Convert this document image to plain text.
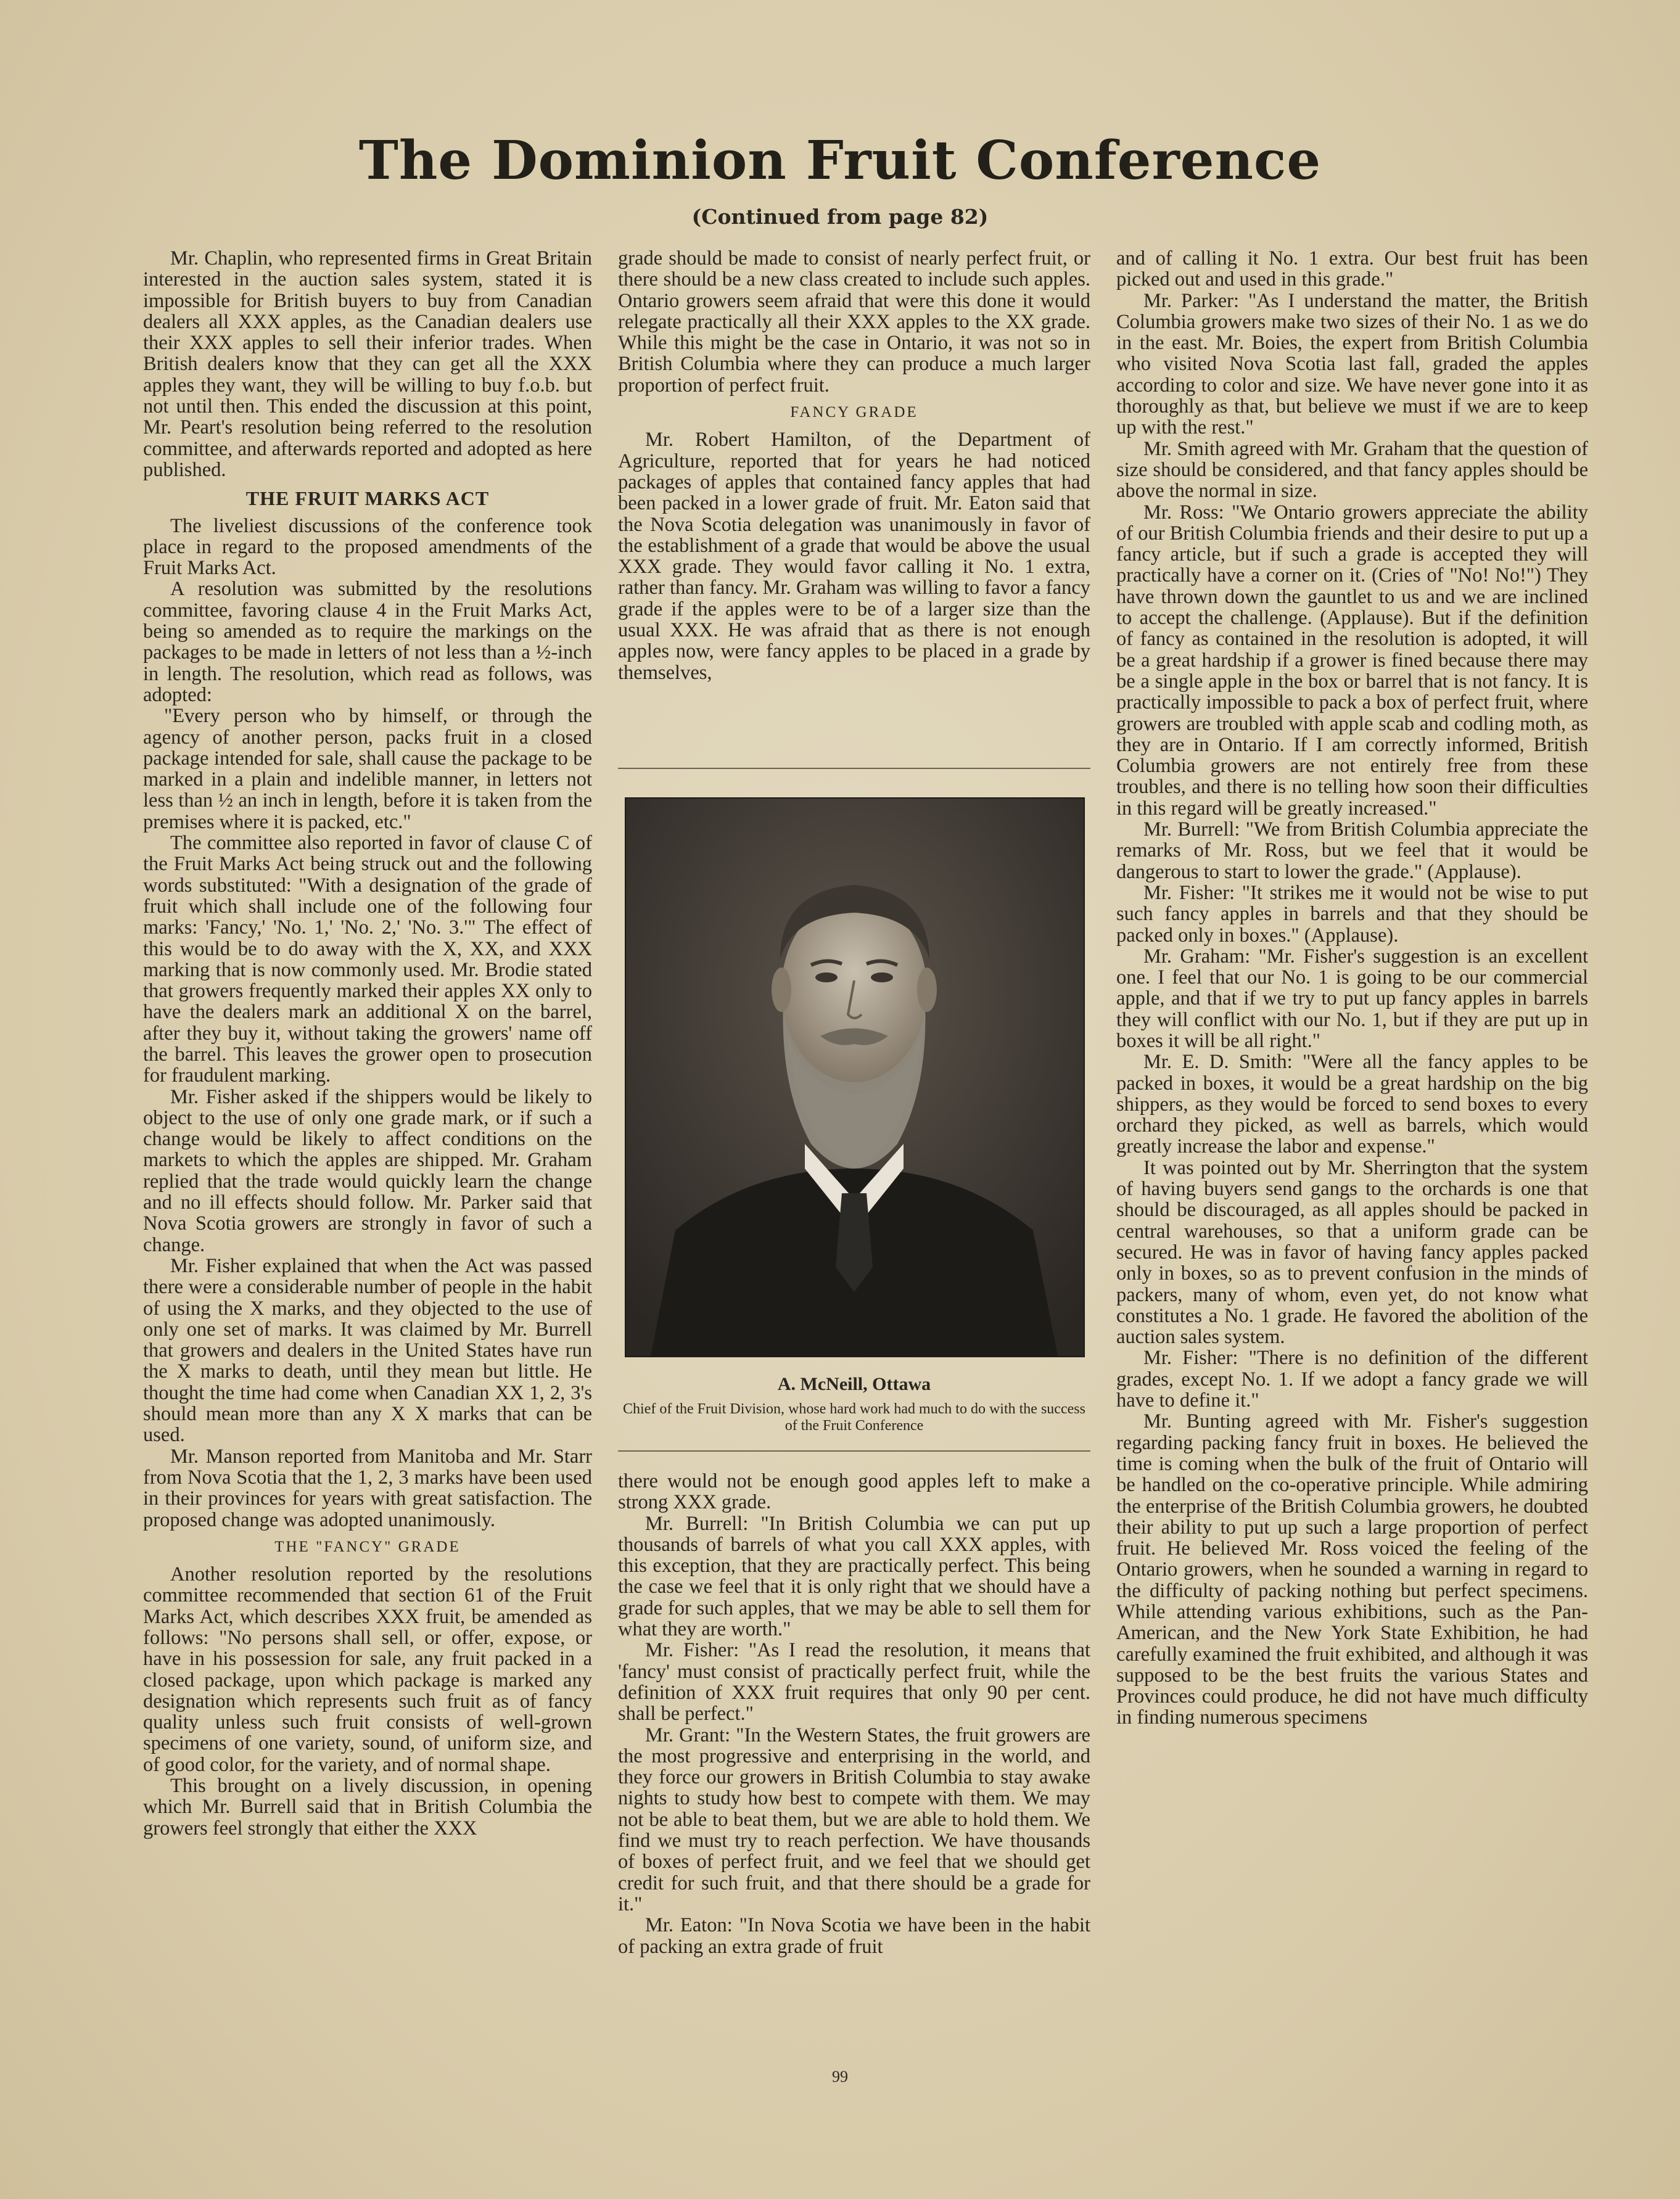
The Dominion Fruit Conference
(Continued from page 82)

Mr. Chaplin, who represented firms in Great Britain interested in the auction sales system, stated it is impossible for British buyers to buy from Canadian dealers all XXX apples, as the Canadian dealers use their XXX apples to sell their inferior trades. When British dealers know that they can get all the XXX apples they want, they will be willing to buy f.o.b. but not until then. This ended the discussion at this point, Mr. Peart's resolution being referred to the resolution committee, and afterwards reported and adopted as here published.

THE FRUIT MARKS ACT

The liveliest discussions of the conference took place in regard to the proposed amendments of the Fruit Marks Act.

A resolution was submitted by the resolutions committee, favoring clause 4 in the Fruit Marks Act, being so amended as to require the markings on the packages to be made in letters of not less than a ½-inch in length. The resolution, which read as follows, was adopted:

"Every person who by himself, or through the agency of another person, packs fruit in a closed package intended for sale, shall cause the package to be marked in a plain and indelible manner, in letters not less than ½ an inch in length, before it is taken from the premises where it is packed, etc."

The committee also reported in favor of clause C of the Fruit Marks Act being struck out and the following words substituted: "With a designation of the grade of fruit which shall include one of the following four marks: 'Fancy,' 'No. 1,' 'No. 2,' 'No. 3.'" The effect of this would be to do away with the X, XX, and XXX marking that is now commonly used. Mr. Brodie stated that growers frequently marked their apples XX only to have the dealers mark an additional X on the barrel, after they buy it, without taking the growers' name off the barrel. This leaves the grower open to prosecution for fraudulent marking.

Mr. Fisher asked if the shippers would be likely to object to the use of only one grade mark, or if such a change would be likely to affect conditions on the markets to which the apples are shipped. Mr. Graham replied that the trade would quickly learn the change and no ill effects should follow. Mr. Parker said that Nova Scotia growers are strongly in favor of such a change.

Mr. Fisher explained that when the Act was passed there were a considerable number of people in the habit of using the X marks, and they objected to the use of only one set of marks. It was claimed by Mr. Burrell that growers and dealers in the United States have run the X marks to death, until they mean but little. He thought the time had come when Canadian XX 1, 2, 3's should mean more than any X X marks that can be used.

Mr. Manson reported from Manitoba and Mr. Starr from Nova Scotia that the 1, 2, 3 marks have been used in their provinces for years with great satisfaction. The proposed change was adopted unanimously.

THE "FANCY" GRADE

Another resolution reported by the resolutions committee recommended that section 61 of the Fruit Marks Act, which describes XXX fruit, be amended as follows: "No persons shall sell, or offer, expose, or have in his possession for sale, any fruit packed in a closed package, upon which package is marked any designation which represents such fruit as of fancy quality unless such fruit consists of well-grown specimens of one variety, sound, of uniform size, and of good color, for the variety, and of normal shape.

This brought on a lively discussion, in opening which Mr. Burrell said that in British Columbia the growers feel strongly that either the XXX

grade should be made to consist of nearly perfect fruit, or there should be a new class created to include such apples. Ontario growers seem afraid that were this done it would relegate practically all their XXX apples to the XX grade. While this might be the case in Ontario, it was not so in British Columbia where they can produce a much larger proportion of perfect fruit.

FANCY GRADE

Mr. Robert Hamilton, of the Department of Agriculture, reported that for years he had noticed packages of apples that contained fancy apples that had been packed in a lower grade of fruit. Mr. Eaton said that the Nova Scotia delegation was unanimously in favor of the establishment of a grade that would be above the usual XXX grade. They would favor calling it No. 1 extra, rather than fancy. Mr. Graham was willing to favor a fancy grade if the apples were to be of a larger size than the usual XXX. He was afraid that as there is not enough apples now, were fancy apples to be placed in a grade by themselves,

A. McNeill, Ottawa
Chief of the Fruit Division, whose hard work had much to do with the success of the Fruit Conference

there would not be enough good apples left to make a strong XXX grade.

Mr. Burrell: "In British Columbia we can put up thousands of barrels of what you call XXX apples, with this exception, that they are practically perfect. This being the case we feel that it is only right that we should have a grade for such apples, that we may be able to sell them for what they are worth."

Mr. Fisher: "As I read the resolution, it means that 'fancy' must consist of practically perfect fruit, while the definition of XXX fruit requires that only 90 per cent. shall be perfect."

Mr. Grant: "In the Western States, the fruit growers are the most progressive and enterprising in the world, and they force our growers in British Columbia to stay awake nights to study how best to compete with them. We may not be able to beat them, but we are able to hold them. We find we must try to reach perfection. We have thousands of boxes of perfect fruit, and we feel that we should get credit for such fruit, and that there should be a grade for it."

Mr. Eaton: "In Nova Scotia we have been in the habit of packing an extra grade of fruit

and of calling it No. 1 extra. Our best fruit has been picked out and used in this grade."

Mr. Parker: "As I understand the matter, the British Columbia growers make two sizes of their No. 1 as we do in the east. Mr. Boies, the expert from British Columbia who visited Nova Scotia last fall, graded the apples according to color and size. We have never gone into it as thoroughly as that, but believe we must if we are to keep up with the rest."

Mr. Smith agreed with Mr. Graham that the question of size should be considered, and that fancy apples should be above the normal in size.

Mr. Ross: "We Ontario growers appreciate the ability of our British Columbia friends and their desire to put up a fancy article, but if such a grade is accepted they will practically have a corner on it. (Cries of "No! No!") They have thrown down the gauntlet to us and we are inclined to accept the challenge. (Applause). But if the definition of fancy as contained in the resolution is adopted, it will be a great hardship if a grower is fined because there may be a single apple in the box or barrel that is not fancy. It is practically impossible to pack a box of perfect fruit, where growers are troubled with apple scab and codling moth, as they are in Ontario. If I am correctly informed, British Columbia growers are not entirely free from these troubles, and there is no telling how soon their difficulties in this regard will be greatly increased."

Mr. Burrell: "We from British Columbia appreciate the remarks of Mr. Ross, but we feel that it would be dangerous to start to lower the grade." (Applause).

Mr. Fisher: "It strikes me it would not be wise to put such fancy apples in barrels and that they should be packed only in boxes." (Applause).

Mr. Graham: "Mr. Fisher's suggestion is an excellent one. I feel that our No. 1 is going to be our commercial apple, and that if we try to put up fancy apples in barrels they will conflict with our No. 1, but if they are put up in boxes it will be all right."

Mr. E. D. Smith: "Were all the fancy apples to be packed in boxes, it would be a great hardship on the big shippers, as they would be forced to send boxes to every orchard they picked, as well as barrels, which would greatly increase the labor and expense."

It was pointed out by Mr. Sherrington that the system of having buyers send gangs to the orchards is one that should be discouraged, as all apples should be packed in central warehouses, so that a uniform grade can be secured. He was in favor of having fancy apples packed only in boxes, so as to prevent confusion in the minds of packers, many of whom, even yet, do not know what constitutes a No. 1 grade. He favored the abolition of the auction sales system.

Mr. Fisher: "There is no definition of the different grades, except No. 1. If we adopt a fancy grade we will have to define it."

Mr. Bunting agreed with Mr. Fisher's suggestion regarding packing fancy fruit in boxes. He believed the time is coming when the bulk of the fruit of Ontario will be handled on the co-operative principle. While admiring the enterprise of the British Columbia growers, he doubted their ability to put up such a large proportion of perfect fruit. He believed Mr. Ross voiced the feeling of the Ontario growers, when he sounded a warning in regard to the difficulty of packing nothing but perfect specimens. While attending various exhibitions, such as the Pan-American, and the New York State Exhibition, he had carefully examined the fruit exhibited, and although it was supposed to be the best fruits the various States and Provinces could produce, he did not have much difficulty in finding numerous specimens

99
